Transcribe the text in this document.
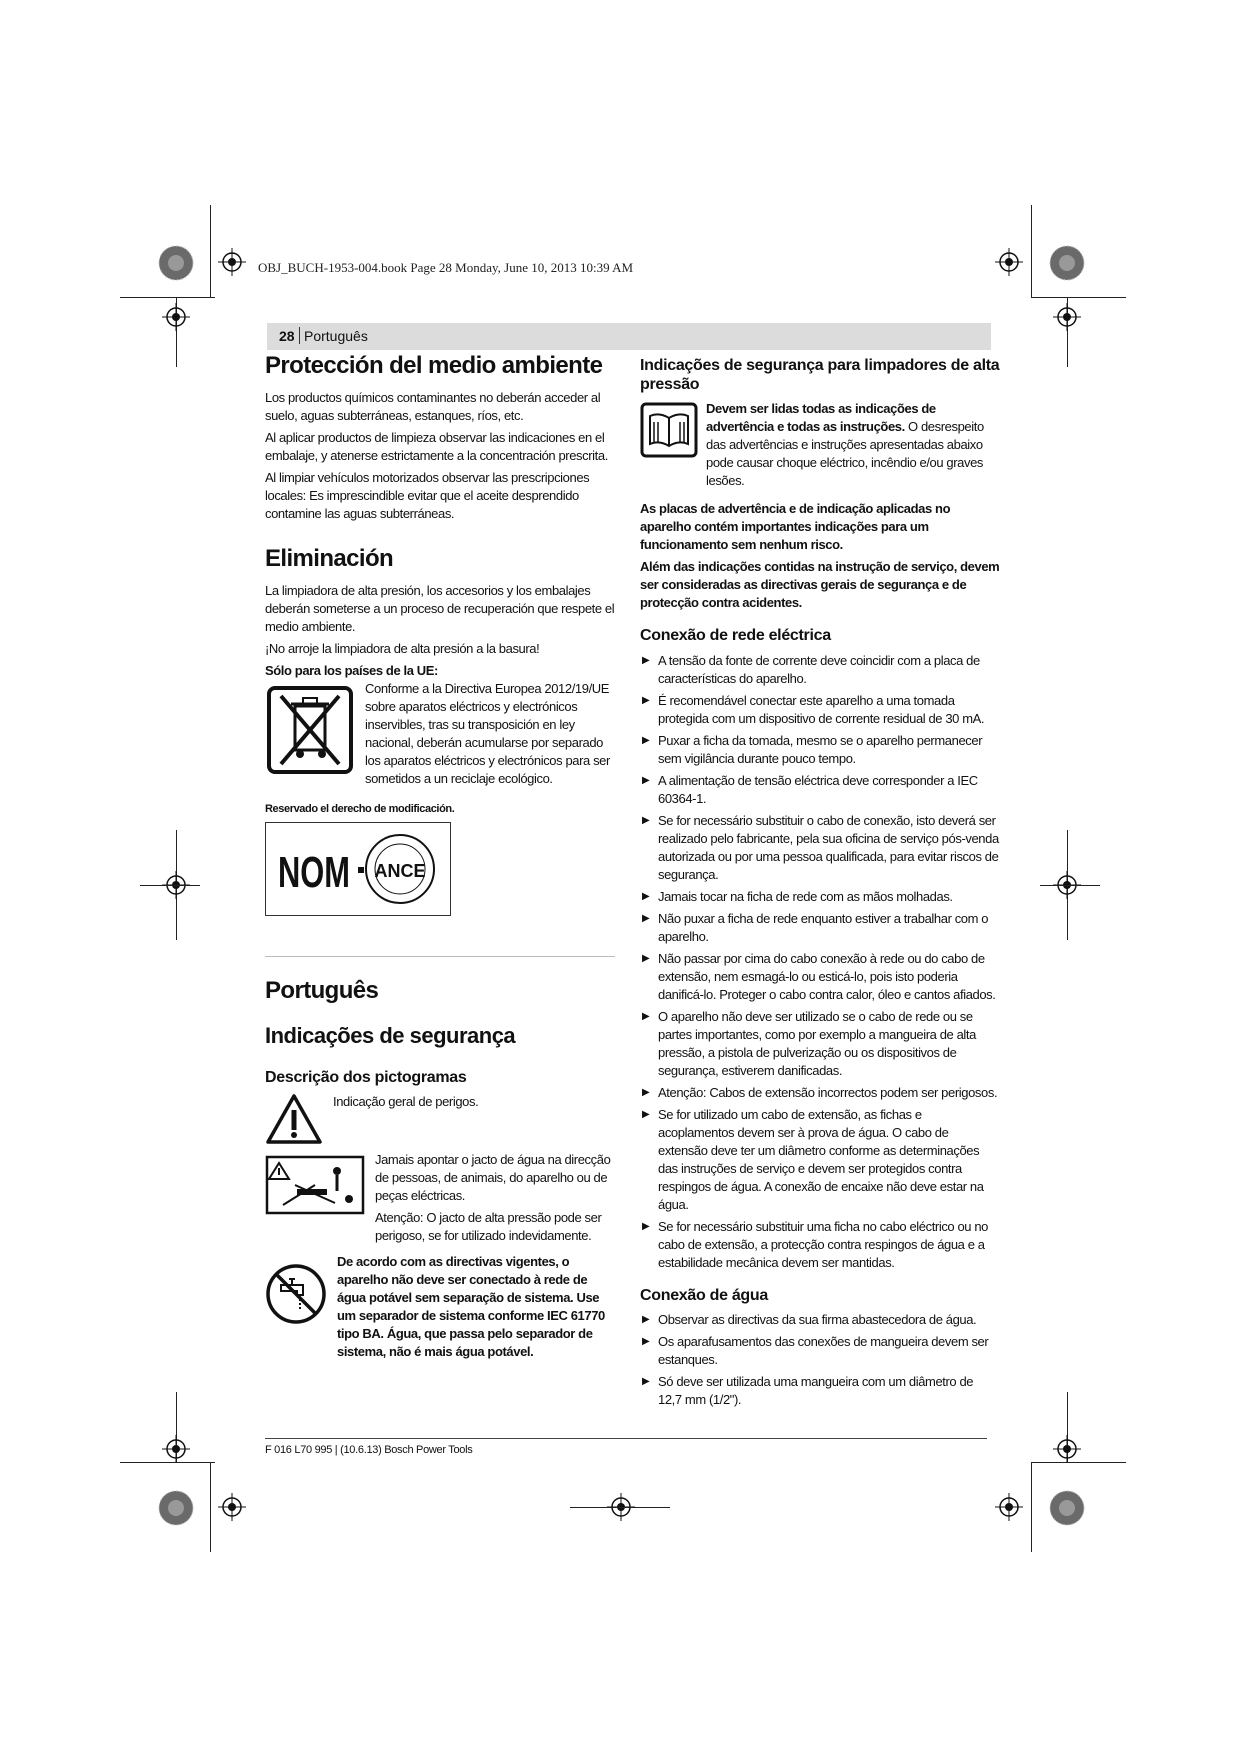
OBJ_BUCH-1953-004.book Page 28 Monday, June 10, 2013 10:39 AM
28 Português
Protección del medio ambiente

Los productos químicos contaminantes no deberán acceder al suelo, aguas subterráneas, estanques, ríos, etc.

Al aplicar productos de limpieza observar las indicaciones en el embalaje, y atenerse estrictamente a la concentración prescrita.

Al limpiar vehículos motorizados observar las prescripciones locales: Es imprescindible evitar que el aceite desprendido contamine las aguas subterráneas.

Eliminación

La limpiadora de alta presión, los accesorios y los embalajes deberán someterse a un proceso de recuperación que respete el medio ambiente.

¡No arroje la limpiadora de alta presión a la basura!

Sólo para los países de la UE:

Conforme a la Directiva Europea 2012/19/UE sobre aparatos eléctricos y electrónicos inservibles, tras su transposición en ley nacional, deberán acumularse por separado los aparatos eléctricos y electrónicos para ser sometidos a un reciclaje ecológico.

Reservado el derecho de modificación.

NOM ANCE
Português
Indicações de segurança
Descrição dos pictogramas

Indicação geral de perigos.

Jamais apontar o jacto de água na direcção de pessoas, de animais, do aparelho ou de peças eléctricas.

Atenção: O jacto de alta pressão pode ser perigoso, se for utilizado indevidamente.

De acordo com as directivas vigentes, o aparelho não deve ser conectado à rede de água potável sem separação de sistema. Use um separador de sistema conforme IEC 61770 tipo BA. Água, que passa pelo separador de sistema, não é mais água potável.

Indicações de segurança para limpadores de alta pressão

Devem ser lidas todas as indicações de advertência e todas as instruções. O desrespeito das advertências e instruções apresentadas abaixo pode causar choque eléctrico, incêndio e/ou graves lesões.

As placas de advertência e de indicação aplicadas no aparelho contém importantes indicações para um funcionamento sem nenhum risco.

Além das indicações contidas na instrução de serviço, devem ser consideradas as directivas gerais de segurança e de protecção contra acidentes.

Conexão de rede eléctrica
▶ A tensão da fonte de corrente deve coincidir com a placa de características do aparelho.
▶ É recomendável conectar este aparelho a uma tomada protegida com um dispositivo de corrente residual de 30 mA.
▶ Puxar a ficha da tomada, mesmo se o aparelho permanecer sem vigilância durante pouco tempo.
▶ A alimentação de tensão eléctrica deve corresponder a IEC 60364-1.
▶ Se for necessário substituir o cabo de conexão, isto deverá ser realizado pelo fabricante, pela sua oficina de serviço pós-venda autorizada ou por uma pessoa qualificada, para evitar riscos de segurança.
▶ Jamais tocar na ficha de rede com as mãos molhadas.
▶ Não puxar a ficha de rede enquanto estiver a trabalhar com o aparelho.
▶ Não passar por cima do cabo conexão à rede ou do cabo de extensão, nem esmagá-lo ou esticá-lo, pois isto poderia danificá-lo. Proteger o cabo contra calor, óleo e cantos afiados.
▶ O aparelho não deve ser utilizado se o cabo de rede ou se partes importantes, como por exemplo a mangueira de alta pressão, a pistola de pulverização ou os dispositivos de segurança, estiverem danificadas.
▶ Atenção: Cabos de extensão incorrectos podem ser perigosos.
▶ Se for utilizado um cabo de extensão, as fichas e acoplamentos devem ser à prova de água. O cabo de extensão deve ter um diâmetro conforme as determinações das instruções de serviço e devem ser protegidos contra respingos de água. A conexão de encaixe não deve estar na água.
▶ Se for necessário substituir uma ficha no cabo eléctrico ou no cabo de extensão, a protecção contra respingos de água e a estabilidade mecânica devem ser mantidas.
Conexão de água
▶ Observar as directivas da sua firma abastecedora de água.
▶ Os aparafusamentos das conexões de mangueira devem ser estanques.
▶ Só deve ser utilizada uma mangueira com um diâmetro de 12,7 mm (1/2").
F 016 L70 995 | (10.6.13) Bosch Power Tools
